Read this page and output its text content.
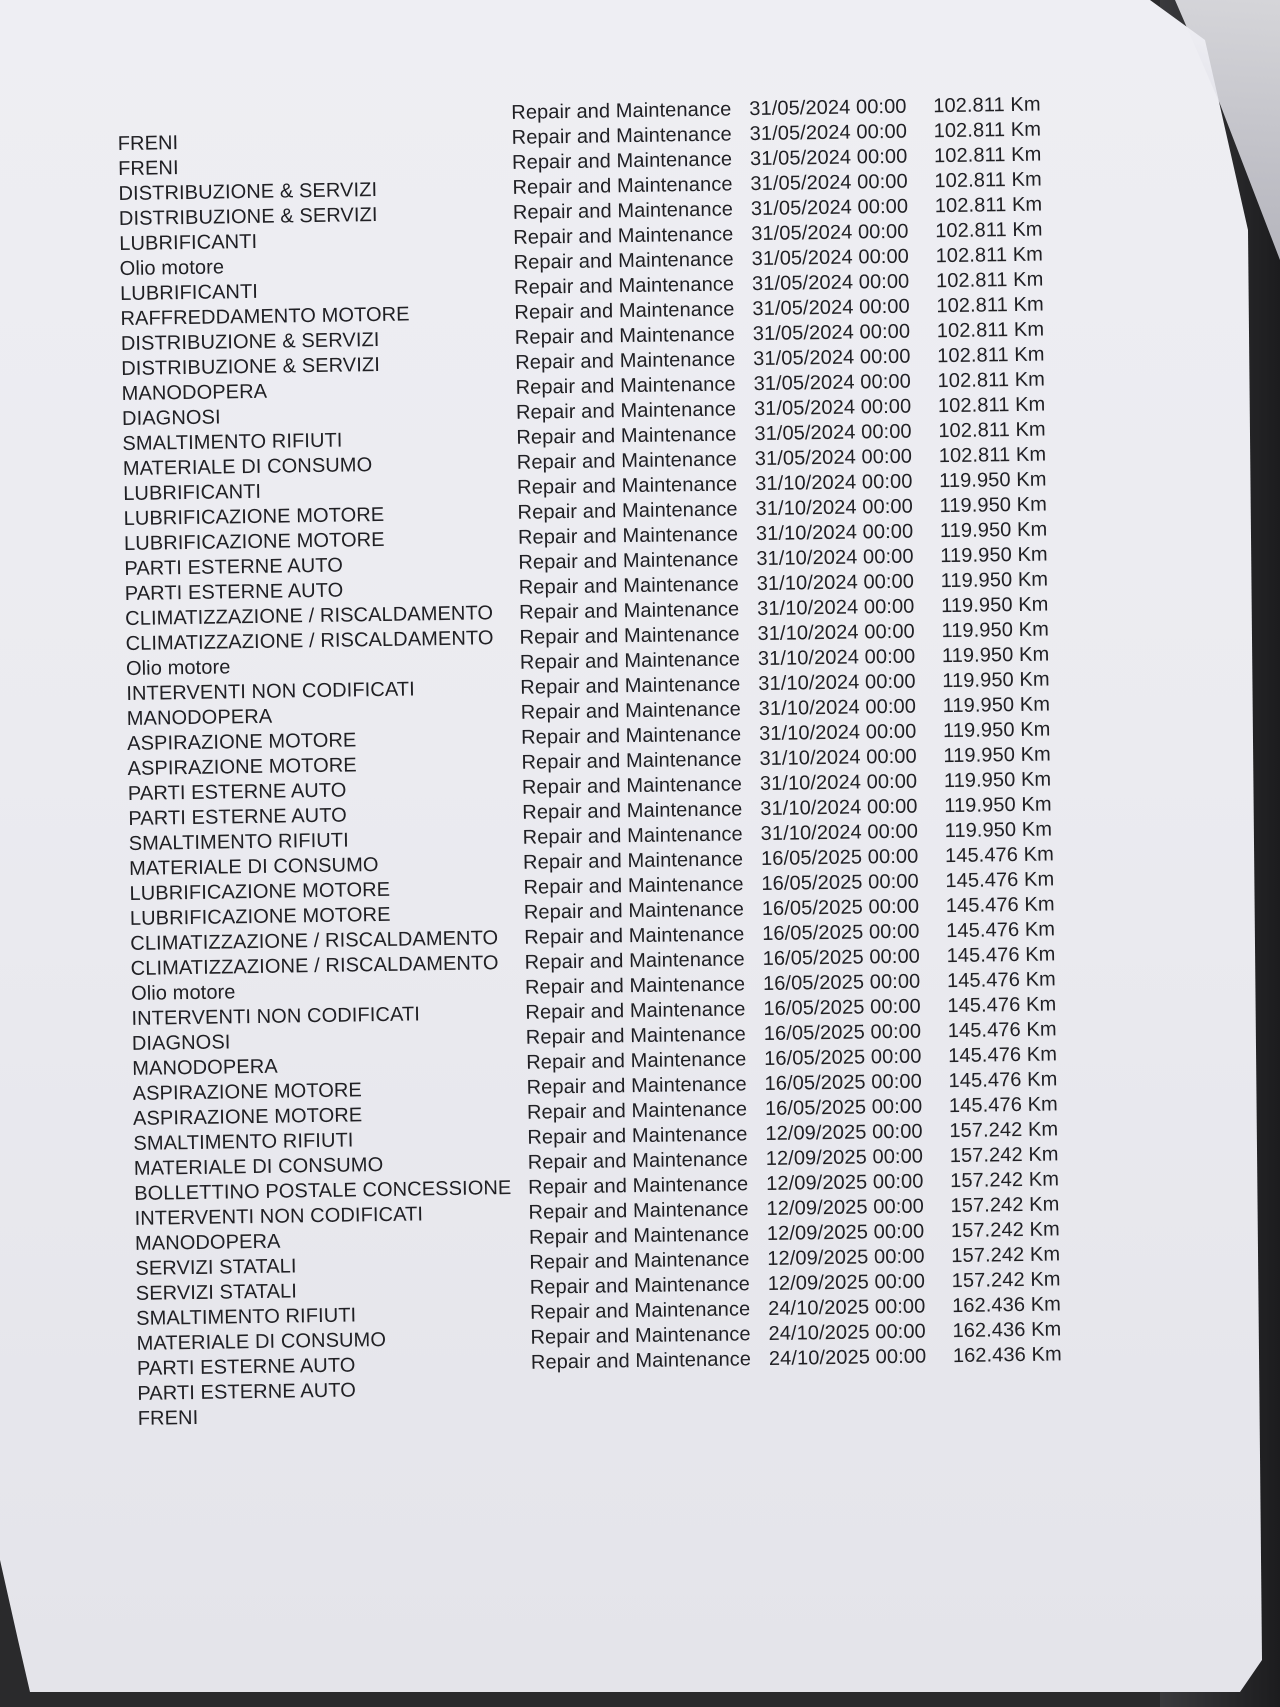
Repair and Maintenance 31/05/2024 00:00 102.811 Km
FRENI	Repair and Maintenance 31/05/2024 00:00 102.811 Km
FRENI	Repair and Maintenance 31/05/2024 00:00 102.811 Km
DISTRIBUZIONE & SERVIZI	Repair and Maintenance 31/05/2024 00:00 102.811 Km
DISTRIBUZIONE & SERVIZI	Repair and Maintenance 31/05/2024 00:00 102.811 Km
LUBRIFICANTI	Repair and Maintenance 31/05/2024 00:00 102.811 Km
Olio motore	Repair and Maintenance 31/05/2024 00:00 102.811 Km
LUBRIFICANTI	Repair and Maintenance 31/05/2024 00:00 102.811 Km
RAFFREDDAMENTO MOTORE	Repair and Maintenance 31/05/2024 00:00 102.811 Km
DISTRIBUZIONE & SERVIZI	Repair and Maintenance 31/05/2024 00:00 102.811 Km
DISTRIBUZIONE & SERVIZI	Repair and Maintenance 31/05/2024 00:00 102.811 Km
MANODOPERA	Repair and Maintenance 31/05/2024 00:00 102.811 Km
DIAGNOSI	Repair and Maintenance 31/05/2024 00:00 102.811 Km
SMALTIMENTO RIFIUTI	Repair and Maintenance 31/05/2024 00:00 102.811 Km
MATERIALE DI CONSUMO	Repair and Maintenance 31/05/2024 00:00 102.811 Km
LUBRIFICANTI	Repair and Maintenance 31/10/2024 00:00 119.950 Km
LUBRIFICAZIONE MOTORE	Repair and Maintenance 31/10/2024 00:00 119.950 Km
LUBRIFICAZIONE MOTORE	Repair and Maintenance 31/10/2024 00:00 119.950 Km
PARTI ESTERNE AUTO	Repair and Maintenance 31/10/2024 00:00 119.950 Km
PARTI ESTERNE AUTO	Repair and Maintenance 31/10/2024 00:00 119.950 Km
CLIMATIZZAZIONE / RISCALDAMENTO Repair and Maintenance 31/10/2024 00:00 119.950 Km
CLIMATIZZAZIONE / RISCALDAMENTO Repair and Maintenance 31/10/2024 00:00 119.950 Km
Olio motore	Repair and Maintenance 31/10/2024 00:00 119.950 Km
INTERVENTI NON CODIFICATI	Repair and Maintenance 31/10/2024 00:00 119.950 Km
MANODOPERA	Repair and Maintenance 31/10/2024 00:00 119.950 Km
ASPIRAZIONE MOTORE	Repair and Maintenance 31/10/2024 00:00 119.950 Km
ASPIRAZIONE MOTORE	Repair and Maintenance 31/10/2024 00:00 119.950 Km
PARTI ESTERNE AUTO	Repair and Maintenance 31/10/2024 00:00 119.950 Km
PARTI ESTERNE AUTO	Repair and Maintenance 31/10/2024 00:00 119.950 Km
SMALTIMENTO RIFIUTI	Repair and Maintenance 31/10/2024 00:00 119.950 Km
MATERIALE DI CONSUMO	Repair and Maintenance 16/05/2025 00:00 145.476 Km
LUBRIFICAZIONE MOTORE	Repair and Maintenance 16/05/2025 00:00 145.476 Km
LUBRIFICAZIONE MOTORE	Repair and Maintenance 16/05/2025 00:00 145.476 Km
CLIMATIZZAZIONE / RISCALDAMENTO Repair and Maintenance 16/05/2025 00:00 145.476 Km
CLIMATIZZAZIONE / RISCALDAMENTO Repair and Maintenance 16/05/2025 00:00 145.476 Km
Olio motore	Repair and Maintenance 16/05/2025 00:00 145.476 Km
INTERVENTI NON CODIFICATI	Repair and Maintenance 16/05/2025 00:00 145.476 Km
DIAGNOSI	Repair and Maintenance 16/05/2025 00:00 145.476 Km
MANODOPERA	Repair and Maintenance 16/05/2025 00:00 145.476 Km
ASPIRAZIONE MOTORE	Repair and Maintenance 16/05/2025 00:00 145.476 Km
ASPIRAZIONE MOTORE	Repair and Maintenance 16/05/2025 00:00 145.476 Km
SMALTIMENTO RIFIUTI	Repair and Maintenance 12/09/2025 00:00 157.242 Km
MATERIALE DI CONSUMO	Repair and Maintenance 12/09/2025 00:00 157.242 Km
BOLLETTINO POSTALE CONCESSIONE Repair and Maintenance 12/09/2025 00:00 157.242 Km
INTERVENTI NON CODIFICATI	Repair and Maintenance 12/09/2025 00:00 157.242 Km
MANODOPERA	Repair and Maintenance 12/09/2025 00:00 157.242 Km
SERVIZI STATALI	Repair and Maintenance 12/09/2025 00:00 157.242 Km
SERVIZI STATALI	Repair and Maintenance 12/09/2025 00:00 157.242 Km
SMALTIMENTO RIFIUTI	Repair and Maintenance 24/10/2025 00:00 162.436 Km
MATERIALE DI CONSUMO	Repair and Maintenance 24/10/2025 00:00 162.436 Km
PARTI ESTERNE AUTO	Repair and Maintenance 24/10/2025 00:00 162.436 Km
PARTI ESTERNE AUTO
FRENI
